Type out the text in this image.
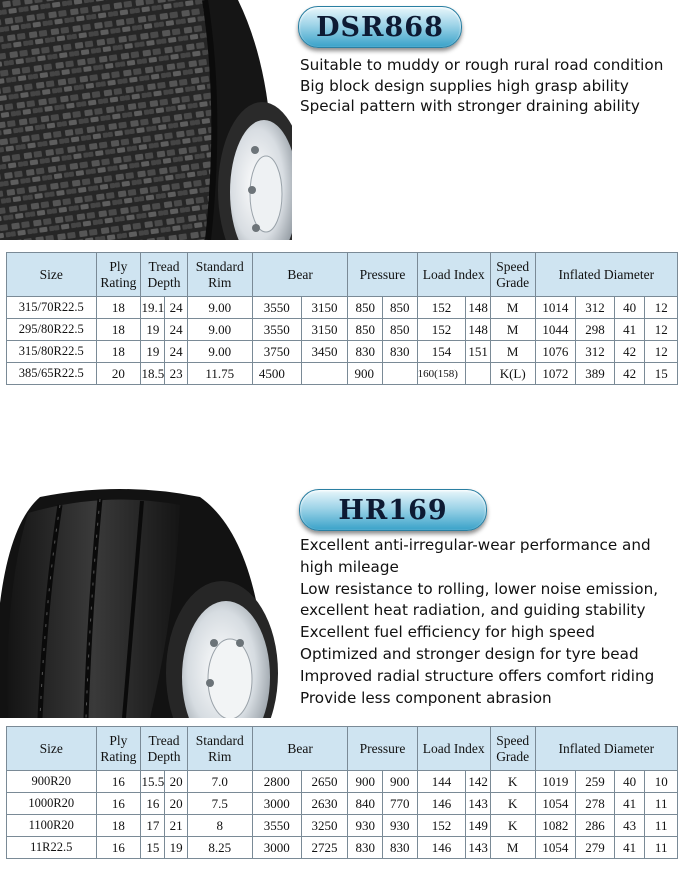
DSR868
Suitable to muddy or rough rural road condition
Big block design supplies high grasp ability
Special pattern with stronger draining ability
Size	Ply Rating	Tread Depth		Standard Rim	Bear		Pressure		Load Index		Speed Grade	Inflated Diameter			
315/70R22.5	18	19.1	24	9.00	3550	3150	850	850	152	148	M	1014	312	40	12
295/80R22.5	18	19	24	9.00	3550	3150	850	850	152	148	M	1044	298	41	12
315/80R22.5	18	19	24	9.00	3750	3450	830	830	154	151	M	1076	312	42	12
385/65R22.5	20	18.5	23	11.75	4500		900		160(158)		K(L)	1072	389	42	15
HR169
Excellent anti-irregular-wear performance and
high mileage
Low resistance to rolling, lower noise emission,
excellent heat radiation, and guiding stability
Excellent fuel efficiency for high speed
Optimized and stronger design for tyre bead
Improved radial structure offers comfort riding
Provide less component abrasion
Size	Ply Rating	Tread Depth		Standard Rim	Bear		Pressure		Load Index		Speed Grade	Inflated Diameter			
900R20	16	15.5	20	7.0	2800	2650	900	900	144	142	K	1019	259	40	10
1000R20	16	16	20	7.5	3000	2630	840	770	146	143	K	1054	278	41	11
1100R20	18	17	21	8	3550	3250	930	930	152	149	K	1082	286	43	11
11R22.5	16	15	19	8.25	3000	2725	830	830	146	143	M	1054	279	41	11
